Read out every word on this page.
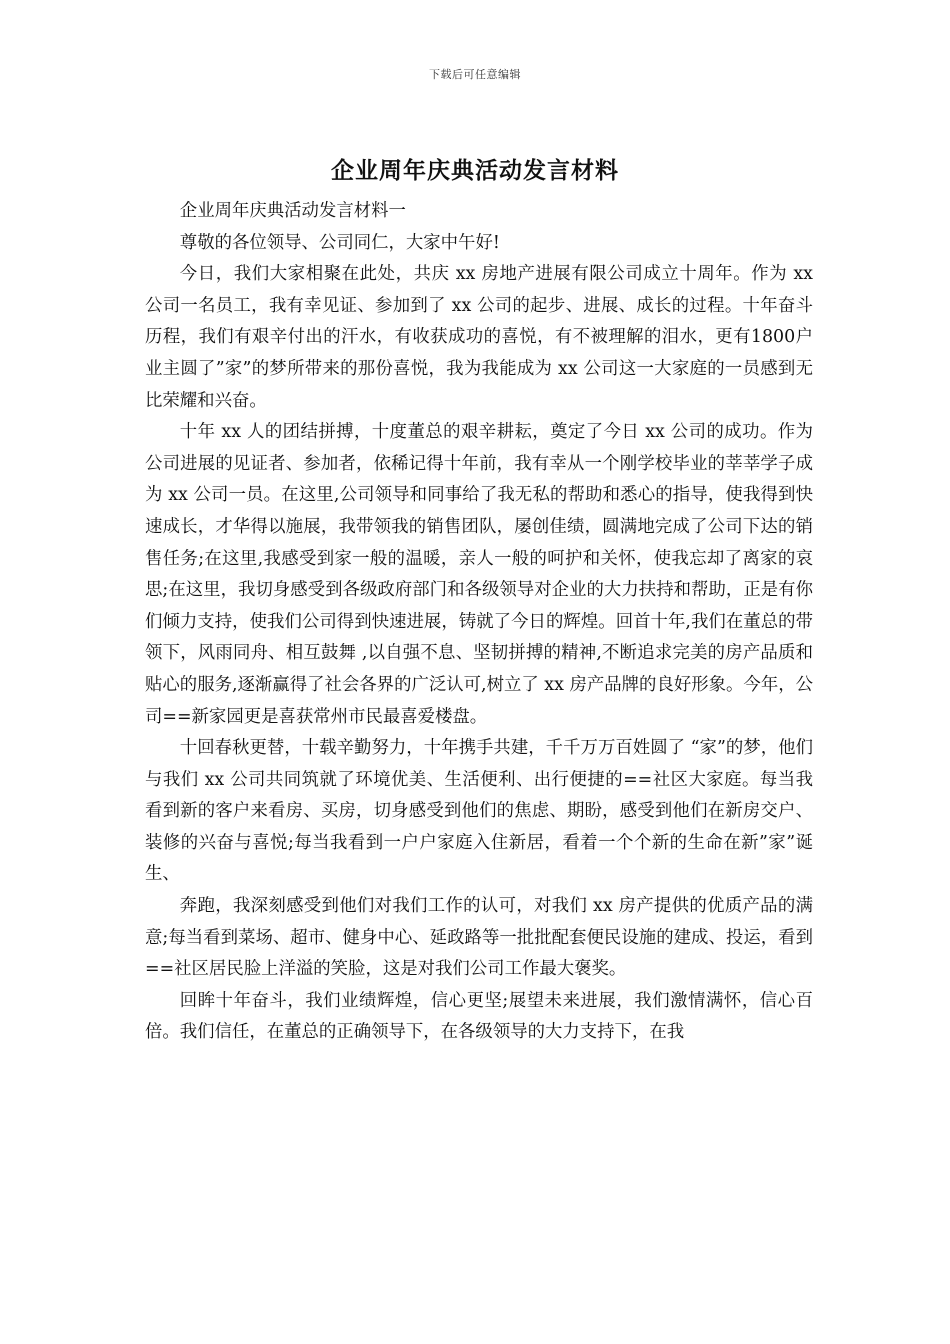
下载后可任意编辑
企业周年庆典活动发言材料

企业周年庆典活动发言材料一

尊敬的各位领导、公司同仁，大家中午好!

今日，我们大家相聚在此处，共庆 xx 房地产进展有限公司成立十周年。作为 xx 公司一名员工，我有幸见证、参加到了 xx 公司的起步、进展、成长的过程。十年奋斗历程，我们有艰辛付出的汗水，有收获成功的喜悦，有不被理解的泪水，更有1800户业主圆了”家”的梦所带来的那份喜悦，我为我能成为 xx 公司这一大家庭的一员感到无比荣耀和兴奋。

十年 xx 人的团结拼搏，十度董总的艰辛耕耘，奠定了今日 xx 公司的成功。作为公司进展的见证者、参加者，依稀记得十年前，我有幸从一个刚学校毕业的莘莘学子成为 xx 公司一员。在这里,公司领导和同事给了我无私的帮助和悉心的指导，使我得到快速成长，才华得以施展，我带领我的销售团队，屡创佳绩，圆满地完成了公司下达的销售任务;在这里,我感受到家一般的温暖，亲人一般的呵护和关怀，使我忘却了离家的哀思;在这里，我切身感受到各级政府部门和各级领导对企业的大力扶持和帮助，正是有你们倾力支持，使我们公司得到快速进展，铸就了今日的辉煌。回首十年,我们在董总的带领下，风雨同舟、相互鼓舞 ,以自强不息、坚韧拼搏的精神,不断追求完美的房产品质和贴心的服务,逐渐赢得了社会各界的广泛认可,树立了 xx 房产品牌的良好形象。今年，公司==新家园更是喜获常州市民最喜爱楼盘。

十回春秋更替，十载辛勤努力，十年携手共建，千千万万百姓圆了 “家”的梦，他们与我们 xx 公司共同筑就了环境优美、生活便利、出行便捷的==社区大家庭。每当我看到新的客户来看房、买房，切身感受到他们的焦虑、期盼，感受到他们在新房交户、装修的兴奋与喜悦;每当我看到一户户家庭入住新居，看着一个个新的生命在新”家”诞生、

奔跑，我深刻感受到他们对我们工作的认可，对我们 xx 房产提供的优质产品的满意;每当看到菜场、超市、健身中心、延政路等一批批配套便民设施的建成、投运，看到==社区居民脸上洋溢的笑脸，这是对我们公司工作最大褒奖。

回眸十年奋斗，我们业绩辉煌，信心更坚;展望未来进展，我们激情满怀，信心百倍。我们信任，在董总的正确领导下，在各级领导的大力支持下，在我
